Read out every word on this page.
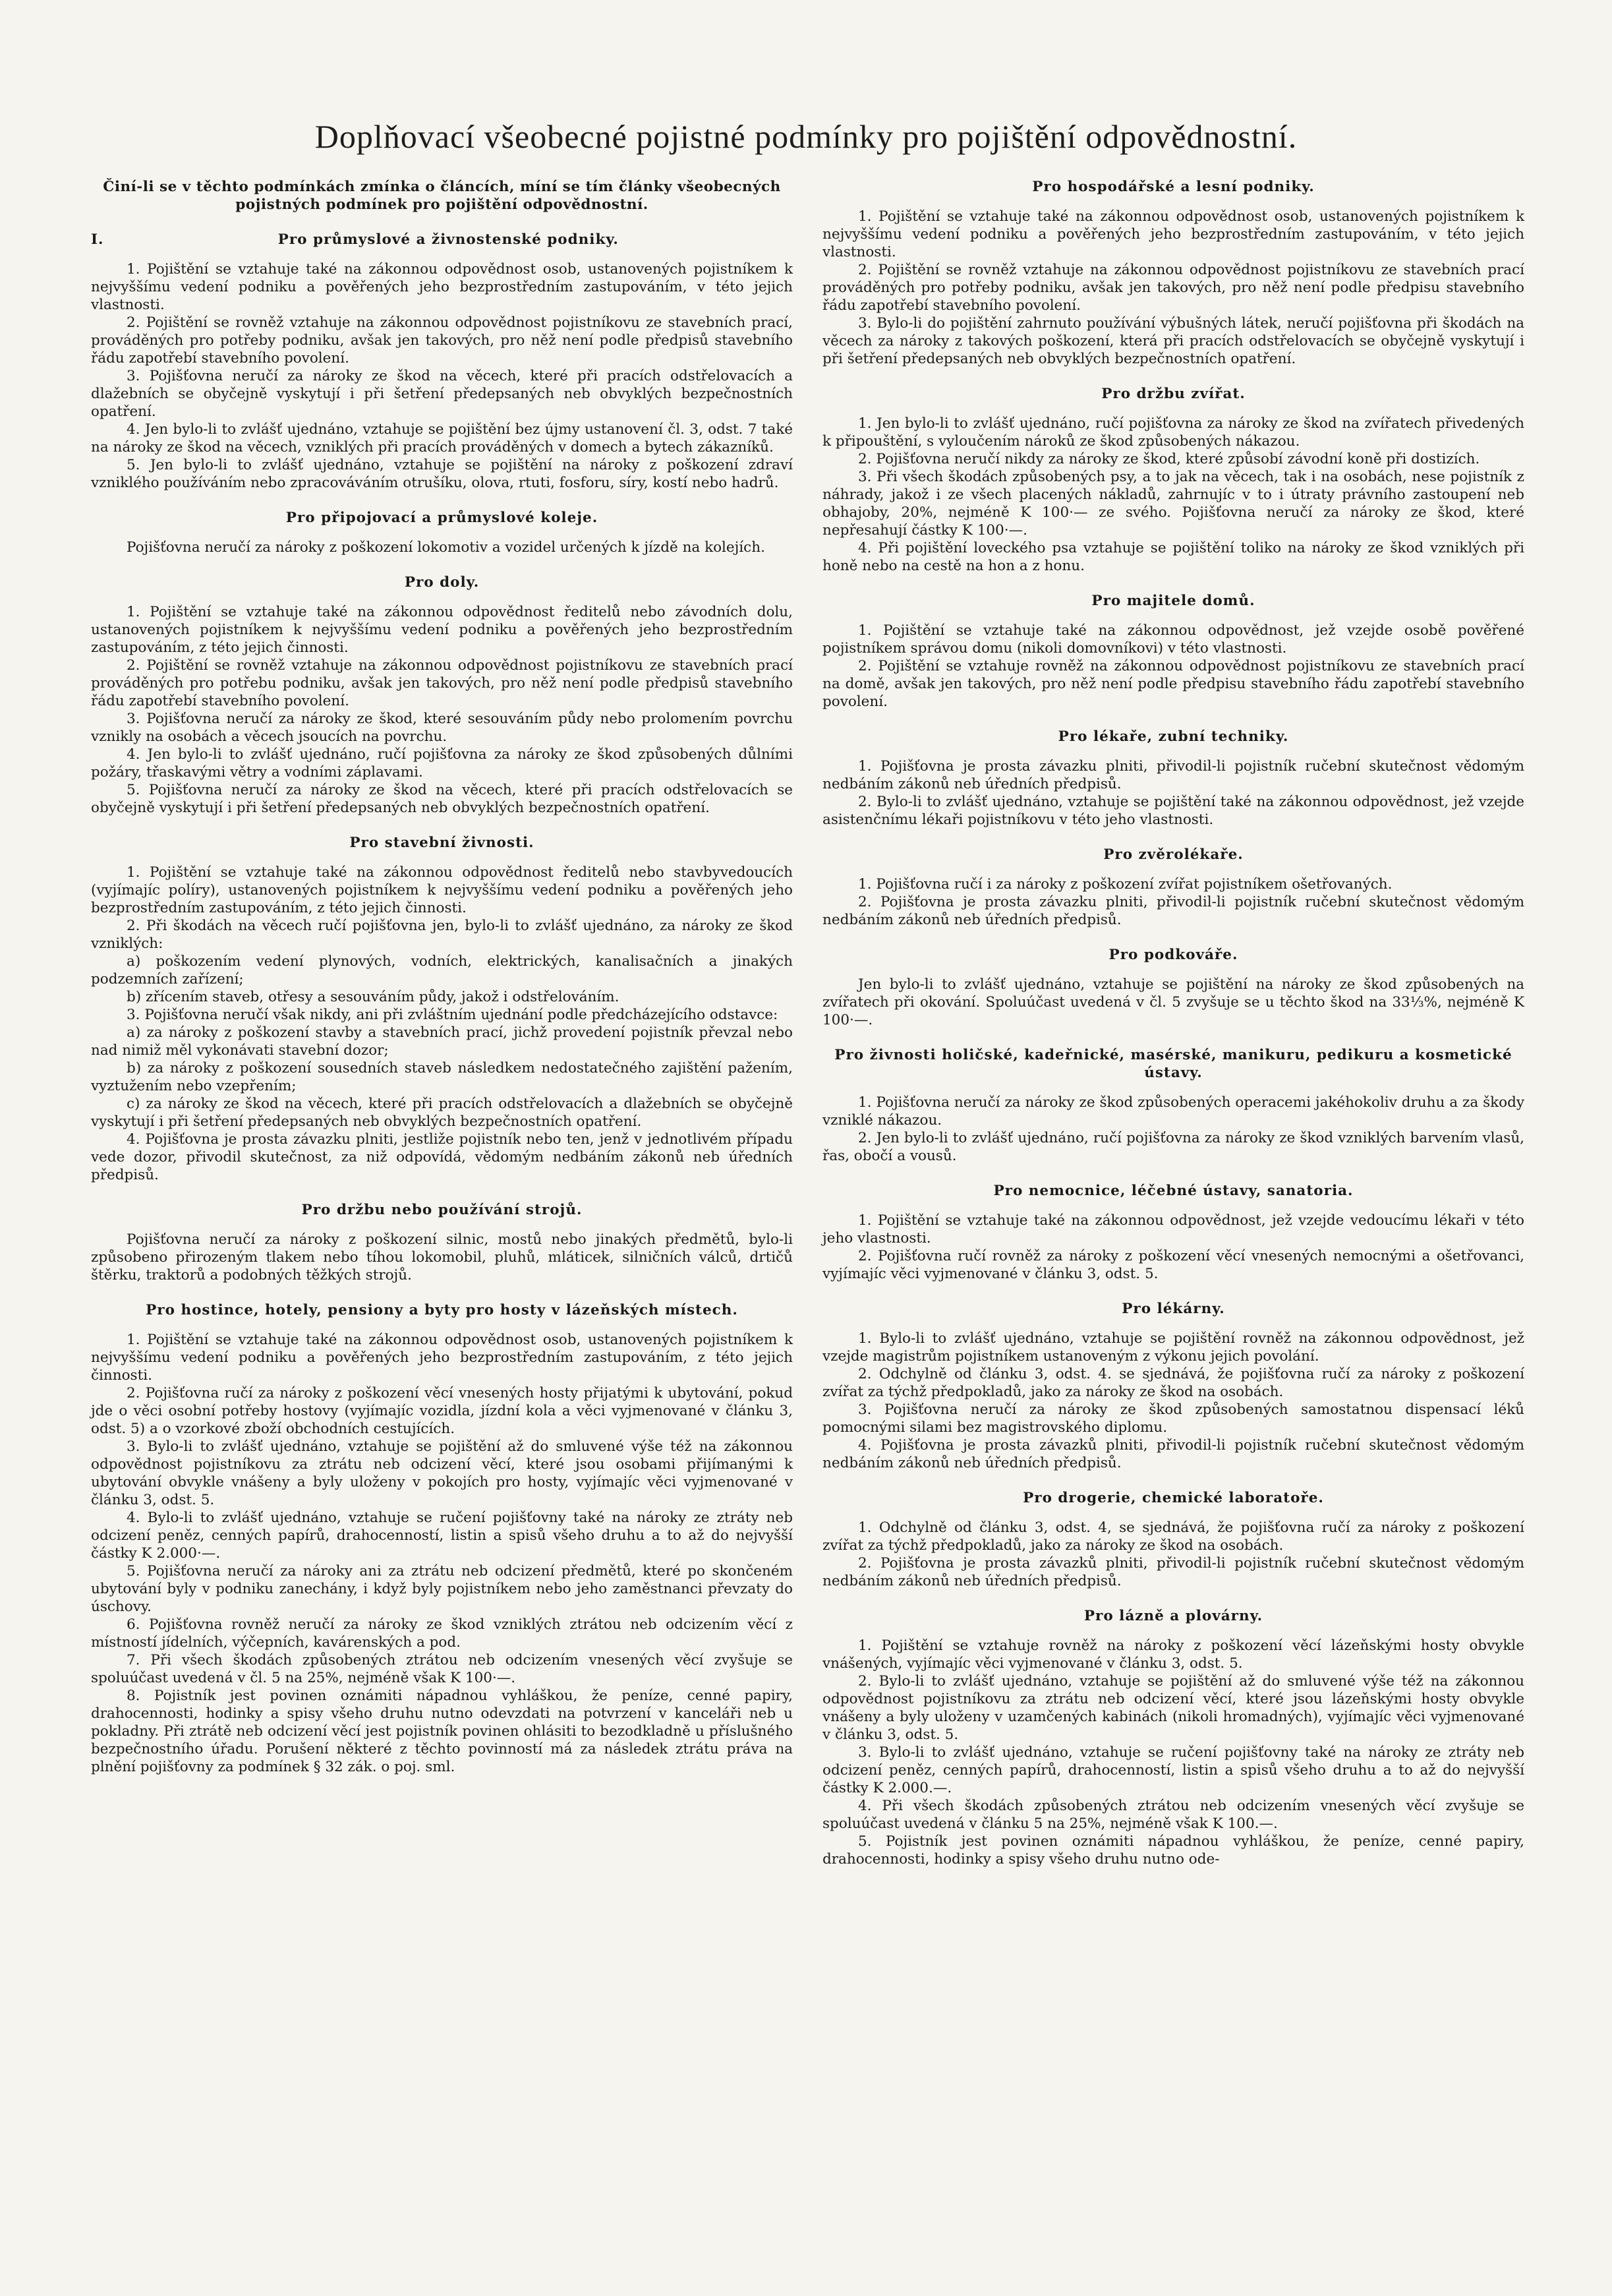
Doplňovací všeobecné pojistné podmínky pro pojištění odpovědnostní.
Činí-li se v těchto podmínkách zmínka o článcích, míní se tím články všeobecných pojistných podmínek pro pojištění odpovědnostní.
I.	Pro průmyslové a živnostenské podniky.

1. Pojištění se vztahuje také na zákonnou odpovědnost osob, ustanovených pojistníkem k nejvyššímu vedení podniku a pověřených jeho bezprostředním zastupováním, v této jejich vlastnosti.

2. Pojištění se rovněž vztahuje na zákonnou odpovědnost pojistníkovu ze stavebních prací, prováděných pro potřeby podniku, avšak jen takových, pro něž není podle předpisů stavebního řádu zapotřebí stavebního povolení.

3. Pojišťovna neručí za nároky ze škod na věcech, které při pracích odstřelovacích a dlažebních se obyčejně vyskytují i při šetření předepsaných neb obvyklých bezpečnostních opatření.

4. Jen bylo-li to zvlášť ujednáno, vztahuje se pojištění bez újmy ustanovení čl. 3, odst. 7 také na nároky ze škod na věcech, vzniklých při pracích prováděných v domech a bytech zákazníků.

5. Jen bylo-li to zvlášť ujednáno, vztahuje se pojištění na nároky z poškození zdraví vzniklého používáním nebo zpracováváním otrušíku, olova, rtuti, fosforu, síry, kostí nebo hadrů.

Pro připojovací a průmyslové koleje.

Pojišťovna neručí za nároky z poškození lokomotiv a vozidel určených k jízdě na kolejích.

Pro doly.

1. Pojištění se vztahuje také na zákonnou odpovědnost ředitelů nebo závodních dolu, ustanovených pojistníkem k nejvyššímu vedení podniku a pověřených jeho bezprostředním zastupováním, z této jejich činnosti.

2. Pojištění se rovněž vztahuje na zákonnou odpovědnost pojistníkovu ze stavebních prací prováděných pro potřebu podniku, avšak jen takových, pro něž není podle předpisů stavebního řádu zapotřebí stavebního povolení.

3. Pojišťovna neručí za nároky ze škod, které sesouváním půdy nebo prolomením povrchu vznikly na osobách a věcech jsoucích na povrchu.

4. Jen bylo-li to zvlášť ujednáno, ručí pojišťovna za nároky ze škod způsobených důlními požáry, třaskavými větry a vodními záplavami.

5. Pojišťovna neručí za nároky ze škod na věcech, které při pracích odstřelovacích se obyčejně vyskytují i při šetření předepsaných neb obvyklých bezpečnostních opatření.

Pro stavební živnosti.

1. Pojištění se vztahuje také na zákonnou odpovědnost ředitelů nebo stavbyvedoucích (vyjímajíc políry), ustanovených pojistníkem k nejvyššímu vedení podniku a pověřených jeho bezprostředním zastupováním, z této jejich činnosti.

2. Při škodách na věcech ručí pojišťovna jen, bylo-li to zvlášť ujednáno, za nároky ze škod vzniklých:

a) poškozením vedení plynových, vodních, elektrických, kanalisačních a jinakých podzemních zařízení;

b) zřícením staveb, otřesy a sesouváním půdy, jakož i odstřelováním.

3. Pojišťovna neručí však nikdy, ani při zvláštním ujednání podle předcházejícího odstavce:

a) za nároky z poškození stavby a stavebních prací, jichž provedení pojistník převzal nebo nad nimiž měl vykonávati stavební dozor;

b) za nároky z poškození sousedních staveb následkem nedostatečného zajištění pažením, vyztužením nebo vzepřením;

c) za nároky ze škod na věcech, které při pracích odstřelovacích a dlažebních se obyčejně vyskytují i při šetření předepsaných neb obvyklých bezpečnostních opatření.

4. Pojišťovna je prosta závazku plniti, jestliže pojistník nebo ten, jenž v jednotlivém případu vede dozor, přivodil skutečnost, za niž odpovídá, vědomým nedbáním zákonů neb úředních předpisů.

Pro držbu nebo používání strojů.

Pojišťovna neručí za nároky z poškození silnic, mostů nebo jinakých předmětů, bylo-li způsobeno přirozeným tlakem nebo tíhou lokomobil, pluhů, mláticek, silničních válců, drtičů štěrku, traktorů a podobných těžkých strojů.

Pro hostince, hotely, pensiony a byty pro hosty v lázeňských místech.

1. Pojištění se vztahuje také na zákonnou odpovědnost osob, ustanovených pojistníkem k nejvyššímu vedení podniku a pověřených jeho bezprostředním zastupováním, z této jejich činnosti.

2. Pojišťovna ručí za nároky z poškození věcí vnesených hosty přijatými k ubytování, pokud jde o věci osobní potřeby hostovy (vyjímajíc vozidla, jízdní kola a věci vyjmenované v článku 3, odst. 5) a o vzorkové zboží obchodních cestujících.

3. Bylo-li to zvlášť ujednáno, vztahuje se pojištění až do smluvené výše též na zákonnou odpovědnost pojistníkovu za ztrátu neb odcizení věcí, které jsou osobami přijímanými k ubytování obvykle vnášeny a byly uloženy v pokojích pro hosty, vyjímajíc věci vyjmenované v článku 3, odst. 5.

4. Bylo-li to zvlášť ujednáno, vztahuje se ručení pojišťovny také na nároky ze ztráty neb odcizení peněz, cenných papírů, drahocenností, listin a spisů všeho druhu a to až do nejvyšší částky K 2.000·—.

5. Pojišťovna neručí za nároky ani za ztrátu neb odcizení předmětů, které po skončeném ubytování byly v podniku zanechány, i když byly pojistníkem nebo jeho zaměstnanci převzaty do úschovy.

6. Pojišťovna rovněž neručí za nároky ze škod vzniklých ztrátou neb odcizením věcí z místností jídelních, výčepních, kavárenských a pod.

7. Při všech škodách způsobených ztrátou neb odcizením vnesených věcí zvyšuje se spoluúčast uvedená v čl. 5 na 25%, nejméně však K 100·—.

8. Pojistník jest povinen oznámiti nápadnou vyhláškou, že peníze, cenné papiry, drahocennosti, hodinky a spisy všeho druhu nutno odevzdati na potvrzení v kanceláři neb u pokladny. Při ztrátě neb odcizení věcí jest pojistník povinen ohlásiti to bezodkladně u příslušného bezpečnostního úřadu. Porušení některé z těchto povinností má za následek ztrátu práva na plnění pojišťovny za podmínek § 32 zák. o poj. sml.

Pro hospodářské a lesní podniky.

1. Pojištění se vztahuje také na zákonnou odpovědnost osob, ustanovených pojistníkem k nejvyššímu vedení podniku a pověřených jeho bezprostředním zastupováním, v této jejich vlastnosti.

2. Pojištění se rovněž vztahuje na zákonnou odpovědnost pojistníkovu ze stavebních prací prováděných pro potřeby podniku, avšak jen takových, pro něž není podle předpisu stavebního řádu zapotřebí stavebního povolení.

3. Bylo-li do pojištění zahrnuto používání výbušných látek, neručí pojišťovna při škodách na věcech za nároky z takových poškození, která při pracích odstřelovacích se obyčejně vyskytují i při šetření předepsaných neb obvyklých bezpečnostních opatření.

Pro držbu zvířat.

1. Jen bylo-li to zvlášť ujednáno, ručí pojišťovna za nároky ze škod na zvířatech přivedených k připouštění, s vyloučením nároků ze škod způsobených nákazou.

2. Pojišťovna neručí nikdy za nároky ze škod, které způsobí závodní koně při dostizích.

3. Při všech škodách způsobených psy, a to jak na věcech, tak i na osobách, nese pojistník z náhrady, jakož i ze všech placených nákladů, zahrnujíc v to i útraty právního zastoupení neb obhajoby, 20%, nejméně K 100·— ze svého. Pojišťovna neručí za nároky ze škod, které nepřesahují částky K 100·—.

4. Při pojištění loveckého psa vztahuje se pojištění toliko na nároky ze škod vzniklých při honě nebo na cestě na hon a z honu.

Pro majitele domů.

1. Pojištění se vztahuje také na zákonnou odpovědnost, jež vzejde osobě pověřené pojistníkem správou domu (nikoli domovníkovi) v této vlastnosti.

2. Pojištění se vztahuje rovněž na zákonnou odpovědnost pojistníkovu ze stavebních prací na domě, avšak jen takových, pro něž není podle předpisu stavebního řádu zapotřebí stavebního povolení.

Pro lékaře, zubní techniky.

1. Pojišťovna je prosta závazku plniti, přivodil-li pojistník ručební skutečnost vědomým nedbáním zákonů neb úředních předpisů.

2. Bylo-li to zvlášť ujednáno, vztahuje se pojištění také na zákonnou odpovědnost, jež vzejde asistenčnímu lékaři pojistníkovu v této jeho vlastnosti.

Pro zvěrolékaře.

1. Pojišťovna ručí i za nároky z poškození zvířat pojistníkem ošetřovaných.

2. Pojišťovna je prosta závazku plniti, přivodil-li pojistník ručební skutečnost vědomým nedbáním zákonů neb úředních předpisů.

Pro podkováře.

Jen bylo-li to zvlášť ujednáno, vztahuje se pojištění na nároky ze škod způsobených na zvířatech při okování. Spoluúčast uvedená v čl. 5 zvyšuje se u těchto škod na 33⅓%, nejméně K 100·—.

Pro živnosti holičské, kadeřnické, masérské, manikuru, pedikuru a kosmetické ústavy.

1. Pojišťovna neručí za nároky ze škod způsobených operacemi jakéhokoliv druhu a za škody vzniklé nákazou.

2. Jen bylo-li to zvlášť ujednáno, ručí pojišťovna za nároky ze škod vzniklých barvením vlasů, řas, obočí a vousů.

Pro nemocnice, léčebné ústavy, sanatoria.

1. Pojištění se vztahuje také na zákonnou odpovědnost, jež vzejde vedoucímu lékaři v této jeho vlastnosti.

2. Pojišťovna ručí rovněž za nároky z poškození věcí vnesených nemocnými a ošetřovanci, vyjímajíc věci vyjmenované v článku 3, odst. 5.

Pro lékárny.

1. Bylo-li to zvlášť ujednáno, vztahuje se pojištění rovněž na zákonnou odpovědnost, jež vzejde magistrům pojistníkem ustanoveným z výkonu jejich povolání.

2. Odchylně od článku 3, odst. 4. se sjednává, že pojišťovna ručí za nároky z poškození zvířat za týchž předpokladů, jako za nároky ze škod na osobách.

3. Pojišťovna neručí za nároky ze škod způsobených samostatnou dispensací léků pomocnými silami bez magistrovského diplomu.

4. Pojišťovna je prosta závazků plniti, přivodil-li pojistník ručební skutečnost vědomým nedbáním zákonů neb úředních předpisů.

Pro drogerie, chemické laboratoře.

1. Odchylně od článku 3, odst. 4, se sjednává, že pojišťovna ručí za nároky z poškození zvířat za týchž předpokladů, jako za nároky ze škod na osobách.

2. Pojišťovna je prosta závazků plniti, přivodil-li pojistník ručební skutečnost vědomým nedbáním zákonů neb úředních předpisů.

Pro lázně a plovárny.

1. Pojištění se vztahuje rovněž na nároky z poškození věcí lázeňskými hosty obvykle vnášených, vyjímajíc věci vyjmenované v článku 3, odst. 5.

2. Bylo-li to zvlášť ujednáno, vztahuje se pojištění až do smluvené výše též na zákonnou odpovědnost pojistníkovu za ztrátu neb odcizení věcí, které jsou lázeňskými hosty obvykle vnášeny a byly uloženy v uzamčených kabinách (nikoli hromadných), vyjímajíc věci vyjmenované v článku 3, odst. 5.

3. Bylo-li to zvlášť ujednáno, vztahuje se ručení pojišťovny také na nároky ze ztráty neb odcizení peněz, cenných papírů, drahocenností, listin a spisů všeho druhu a to až do nejvyšší částky K 2.000.—.

4. Při všech škodách způsobených ztrátou neb odcizením vnesených věcí zvyšuje se spoluúčast uvedená v článku 5 na 25%, nejméně však K 100.—.

5. Pojistník jest povinen oznámiti nápadnou vyhláškou, že peníze, cenné papiry, drahocennosti, hodinky a spisy všeho druhu nutno ode-
